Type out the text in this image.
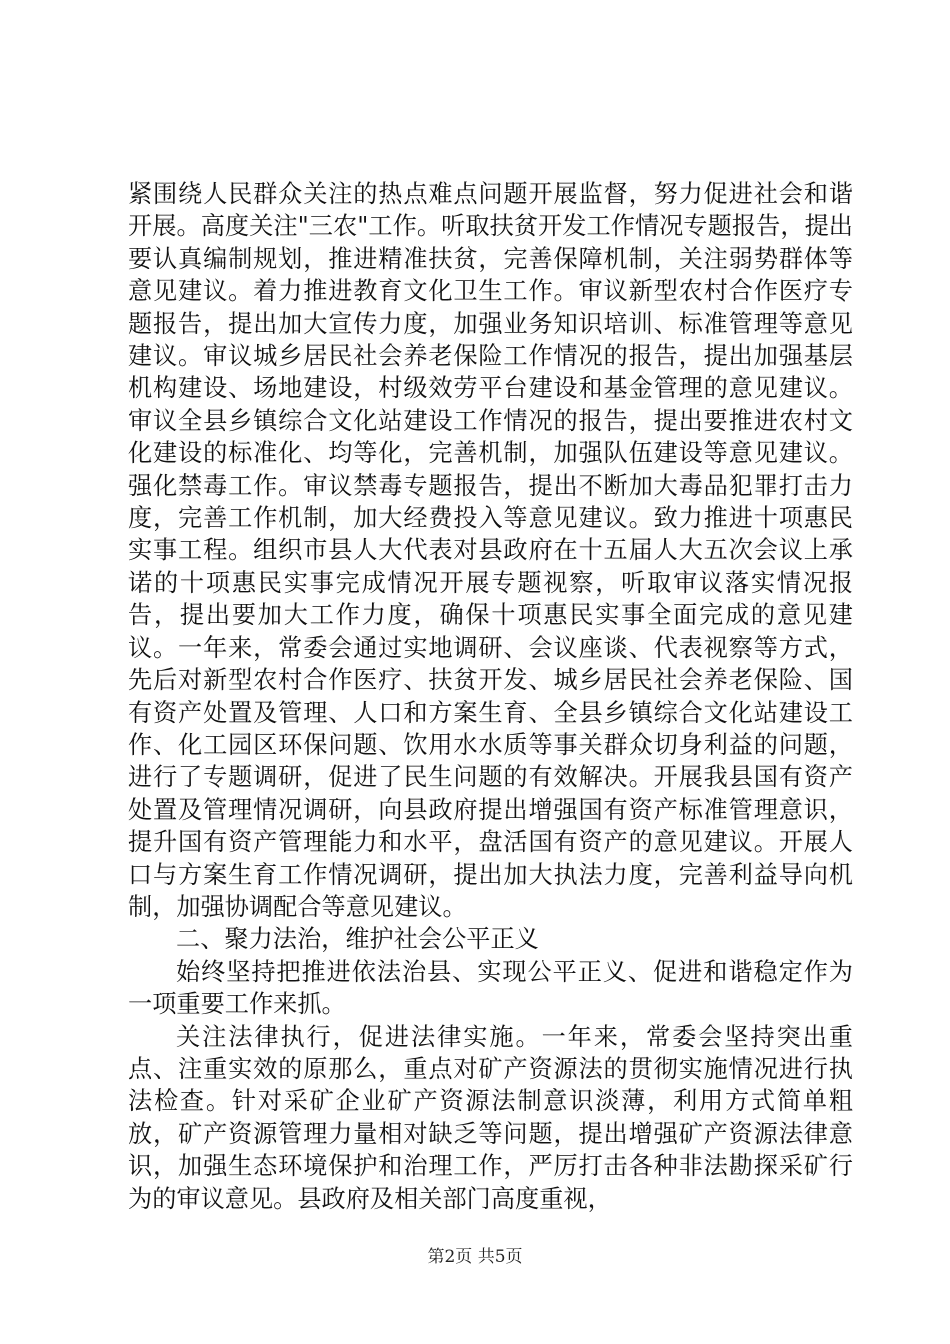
紧围绕人民群众关注的热点难点问题开展监督，努力促进社会和谐开展。高度关注"三农"工作。听取扶贫开发工作情况专题报告，提出要认真编制规划，推进精准扶贫，完善保障机制，关注弱势群体等意见建议。着力推进教育文化卫生工作。审议新型农村合作医疗专题报告，提出加大宣传力度，加强业务知识培训、标准管理等意见建议。审议城乡居民社会养老保险工作情况的报告，提出加强基层机构建设、场地建设，村级效劳平台建设和基金管理的意见建议。审议全县乡镇综合文化站建设工作情况的报告，提出要推进农村文化建设的标准化、均等化，完善机制，加强队伍建设等意见建议。强化禁毒工作。审议禁毒专题报告，提出不断加大毒品犯罪打击力度，完善工作机制，加大经费投入等意见建议。致力推进十项惠民实事工程。组织市县人大代表对县政府在十五届人大五次会议上承诺的十项惠民实事完成情况开展专题视察，听取审议落实情况报告，提出要加大工作力度，确保十项惠民实事全面完成的意见建议。一年来，常委会通过实地调研、会议座谈、代表视察等方式，先后对新型农村合作医疗、扶贫开发、城乡居民社会养老保险、国有资产处置及管理、人口和方案生育、全县乡镇综合文化站建设工作、化工园区环保问题、饮用水水质等事关群众切身利益的问题，进行了专题调研，促进了民生问题的有效解决。开展我县国有资产处置及管理情况调研，向县政府提出增强国有资产标准管理意识，提升国有资产管理能力和水平，盘活国有资产的意见建议。开展人口与方案生育工作情况调研，提出加大执法力度，完善利益导向机制，加强协调配合等意见建议。

二、聚力法治，维护社会公平正义

始终坚持把推进依法治县、实现公平正义、促进和谐稳定作为一项重要工作来抓。

关注法律执行，促进法律实施。一年来，常委会坚持突出重点、注重实效的原那么，重点对矿产资源法的贯彻实施情况进行执法检查。针对采矿企业矿产资源法制意识淡薄，利用方式简单粗放，矿产资源管理力量相对缺乏等问题，提出增强矿产资源法律意识，加强生态环境保护和治理工作，严厉打击各种非法勘探采矿行为的审议意见。县政府及相关部门高度重视，

第2页 共5页
